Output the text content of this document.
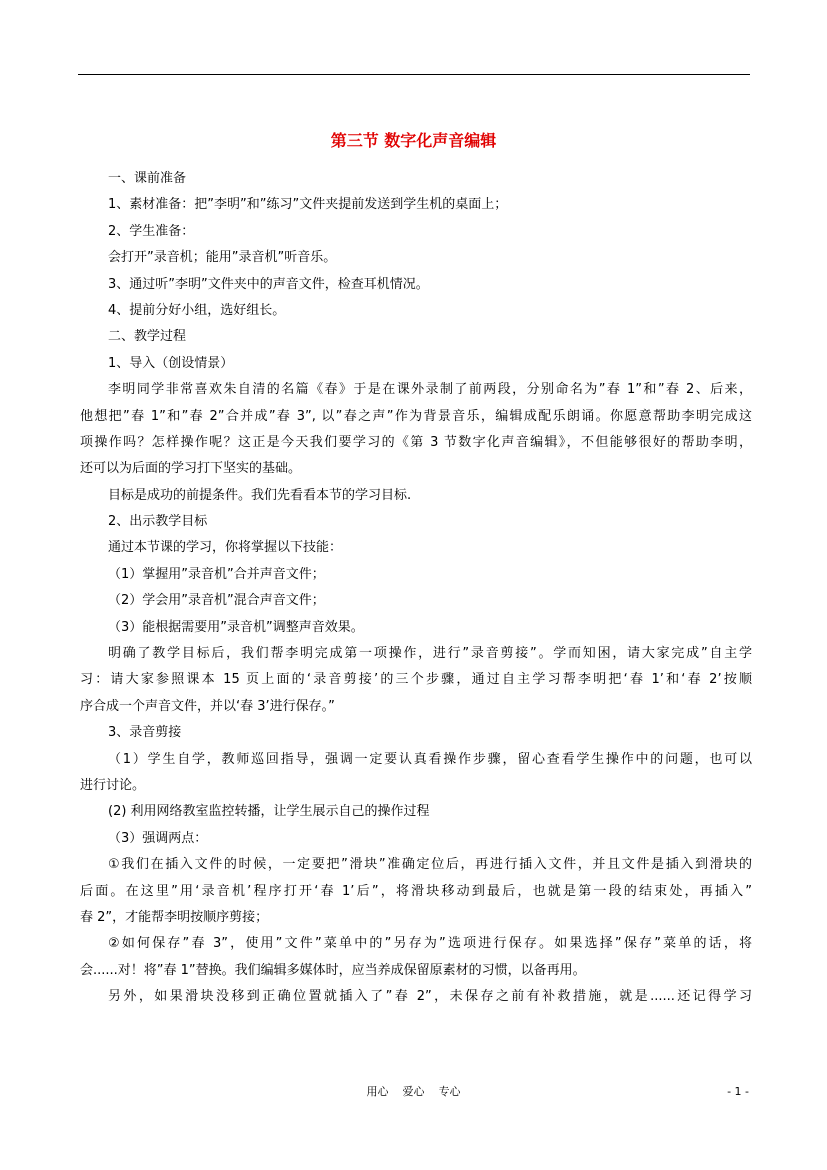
第三节 数字化声音编辑
一、课前准备
1、素材准备：把”李明”和”练习”文件夹提前发送到学生机的桌面上；
2、学生准备：
会打开”录音机；能用”录音机”听音乐。
3、通过听”李明”文件夹中的声音文件，检查耳机情况。
4、提前分好小组，选好组长。
二、教学过程
1、导入（创设情景）
李明同学非常喜欢朱自清的名篇《春》于是在课外录制了前两段，分别命名为”春 1”和”春 2、后来，
他想把”春 1”和”春 2”合并成”春 3”, 以”春之声”作为背景音乐，编辑成配乐朗诵。你愿意帮助李明完成这
项操作吗？怎样操作呢？这正是今天我们要学习的《第 3 节数字化声音编辑》，不但能够很好的帮助李明，
还可以为后面的学习打下坚实的基础。
目标是成功的前提条件。我们先看看本节的学习目标.
2、出示教学目标
通过本节课的学习，你将掌握以下技能：
（1）掌握用”录音机”合并声音文件；
（2）学会用”录音机”混合声音文件；
（3）能根据需要用”录音机”调整声音效果。
明确了教学目标后，我们帮李明完成第一项操作，进行”录音剪接”。学而知困，请大家完成”自主学
习：请大家参照课本 15 页上面的‘录音剪接’的三个步骤，通过自主学习帮李明把‘春 1’和‘春 2’按顺
序合成一个声音文件，并以‘春 3’进行保存。”
3、录音剪接
（1）学生自学，教师巡回指导，强调一定要认真看操作步骤，留心查看学生操作中的问题，也可以
进行讨论。
(2) 利用网络教室监控转播，让学生展示自己的操作过程
（3）强调两点：
①我们在插入文件的时候，一定要把”滑块”准确定位后，再进行插入文件，并且文件是插入到滑块的
后面。在这里”用‘录音机’程序打开‘春 1’后”，将滑块移动到最后，也就是第一段的结束处，再插入”
春 2”，才能帮李明按顺序剪接；
②如何保存”春 3”，使用”文件”菜单中的”另存为”选项进行保存。如果选择”保存”菜单的话，将
会......对！将”春 1”替换。我们编辑多媒体时，应当养成保留原素材的习惯，以备再用。
另外，如果滑块没移到正确位置就插入了”春 2”，未保存之前有补救措施，就是......还记得学习
用心 爱心 专心	- 1 -
